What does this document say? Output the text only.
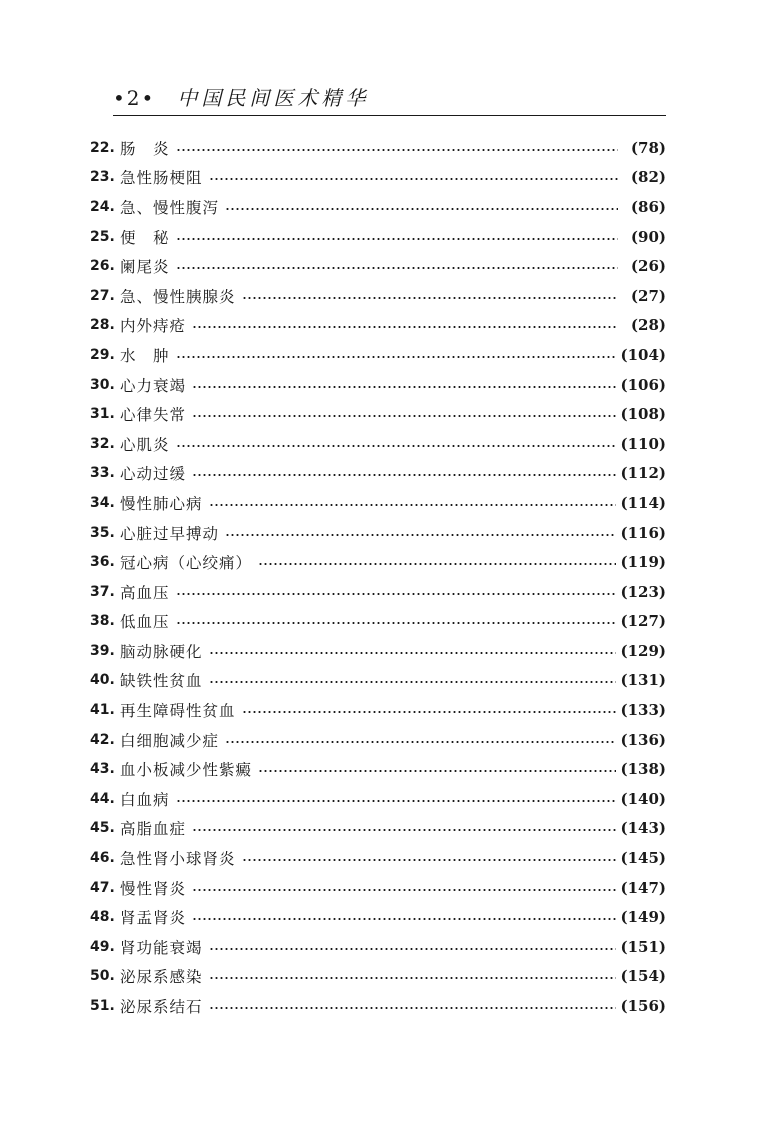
•2• 中国民间医术精华
22. 肠　炎	(78)
23. 急性肠梗阻	(82)
24. 急、慢性腹泻	(86)
25. 便　秘	(90)
26. 阑尾炎	(26)
27. 急、慢性胰腺炎	(27)
28. 内外痔疮	(28)
29. 水　肿	(104)
30. 心力衰竭	(106)
31. 心律失常	(108)
32. 心肌炎	(110)
33. 心动过缓	(112)
34. 慢性肺心病	(114)
35. 心脏过早搏动	(116)
36. 冠心病（心绞痛）	(119)
37. 高血压	(123)
38. 低血压	(127)
39. 脑动脉硬化	(129)
40. 缺铁性贫血	(131)
41. 再生障碍性贫血	(133)
42. 白细胞减少症	(136)
43. 血小板减少性紫癜	(138)
44. 白血病	(140)
45. 高脂血症	(143)
46. 急性肾小球肾炎	(145)
47. 慢性肾炎	(147)
48. 肾盂肾炎	(149)
49. 肾功能衰竭	(151)
50. 泌尿系感染	(154)
51. 泌尿系结石	(156)
